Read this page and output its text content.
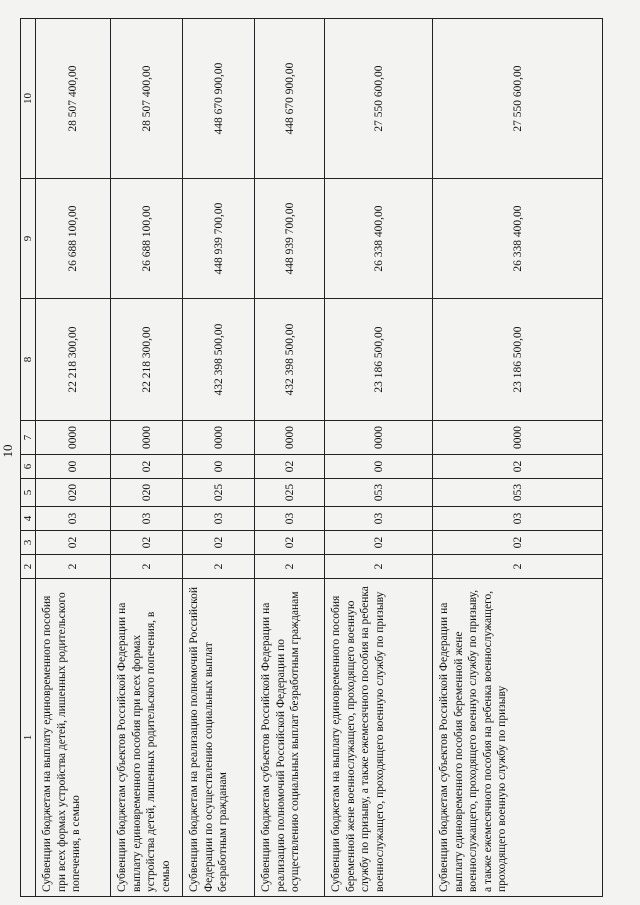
10
1	2	3	4	5	6	7	8	9	10
Субвенции бюджетам на выплату единовременного пособия при всех формах устройства детей, лишенных родительского попечения, в семью	2	02	03	020	00	0000	22 218 300,00	26 688 100,00	28 507 400,00
Субвенции бюджетам субъектов Российской Федерации на выплату единовременного пособия при всех формах устройства детей, лишенных родительского попечения, в семью	2	02	03	020	02	0000	22 218 300,00	26 688 100,00	28 507 400,00
Субвенции бюджетам на реализацию полномочий Российской Федерации по осуществлению социальных выплат безработным гражданам	2	02	03	025	00	0000	432 398 500,00	448 939 700,00	448 670 900,00
Субвенции бюджетам субъектов Российской Федерации на реализацию полномочий Российской Федерации по осуществлению социальных выплат безработным гражданам	2	02	03	025	02	0000	432 398 500,00	448 939 700,00	448 670 900,00
Субвенции бюджетам на выплату единовременного пособия беременной жене военнослужащего, проходящего военную службу по призыву, а также ежемесячного пособия на ребенка военнослужащего, проходящего военную службу по призыву	2	02	03	053	00	0000	23 186 500,00	26 338 400,00	27 550 600,00
Субвенции бюджетам субъектов Российской Федерации на выплату единовременного пособия беременной жене военнослужащего, проходящего военную службу по призыву, а также ежемесячного пособия на ребенка военнослужащего, проходящего военную службу по призыву	2	02	03	053	02	0000	23 186 500,00	26 338 400,00	27 550 600,00
